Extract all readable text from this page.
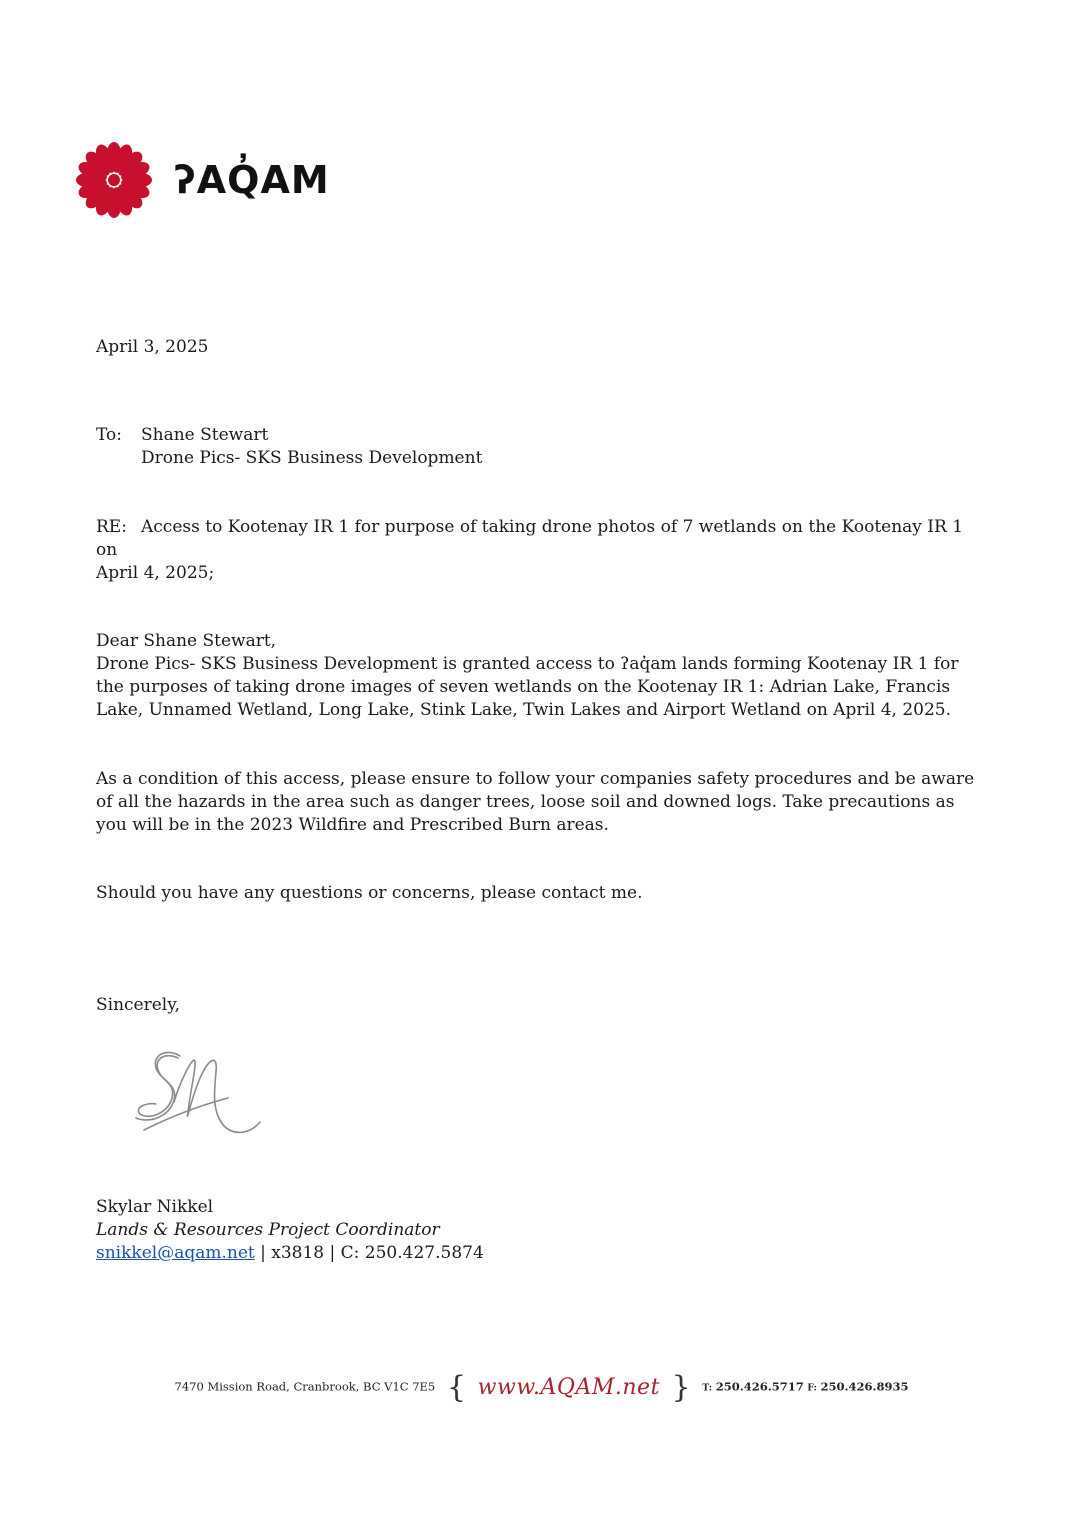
ʔAQ̓AM
April 3, 2025
To: Shane Stewart
Drone Pics- SKS Business Development
RE: Access to Kootenay IR 1 for purpose of taking drone photos of 7 wetlands on the Kootenay IR 1 on
April 4, 2025;
Dear Shane Stewart,
Drone Pics- SKS Business Development is granted access to ʔaq̓am lands forming Kootenay IR 1 for the purposes of taking drone images of seven wetlands on the Kootenay IR 1: Adrian Lake, Francis Lake, Unnamed Wetland, Long Lake, Stink Lake, Twin Lakes and Airport Wetland on April 4, 2025.
As a condition of this access, please ensure to follow your companies safety procedures and be aware of all the hazards in the area such as danger trees, loose soil and downed logs. Take precautions as you will be in the 2023 Wildfire and Prescribed Burn areas.
Should you have any questions or concerns, please contact me.
Sincerely,
Skylar Nikkel
Lands & Resources Project Coordinator
snikkel@aqam.net | x3818 | C: 250.427.5874
7470 Mission Road, Cranbrook, BC V1C 7E5 { www.AQAM.net } T: 250.426.5717 F: 250.426.8935
